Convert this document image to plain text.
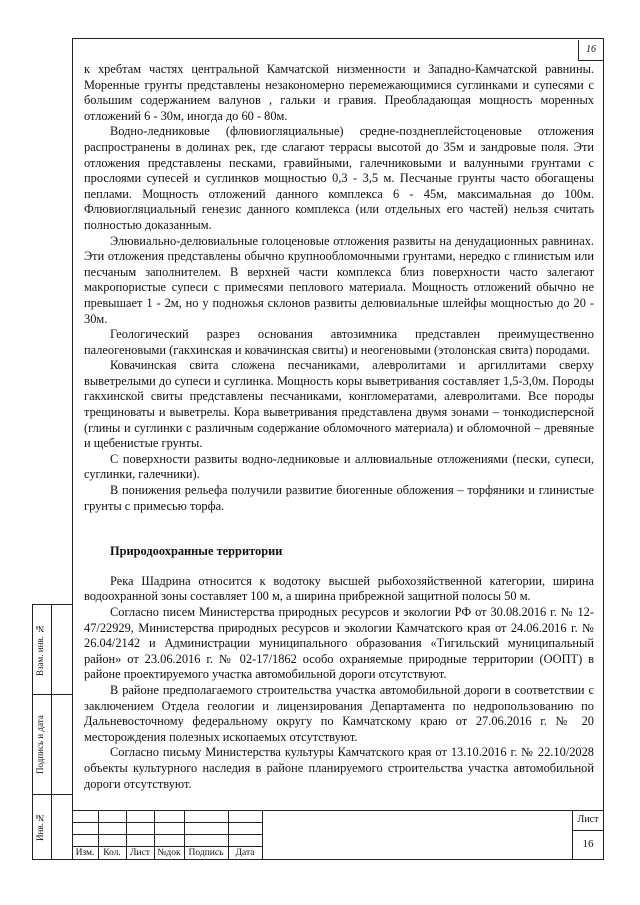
16

к хребтам частях центральной Камчатской низменности и Западно-Камчатской равнины. Моренные грунты представлены незакономерно перемежающимися суглинками и супесями с большим содержанием валунов , гальки и гравия. Преобладающая мощность моренных отложений 6 - 30м, иногда до 60 - 80м.

Водно-ледниковые (флювиогляциальные) средне-позднеплейстоценовые отложения распространены в долинах рек, где слагают террасы высотой до 35м и зандровые поля. Эти отложения представлены песками, гравийными, галечниковыми и валунными грунтами с прослоями супесей и суглинков мощностью 0,3 - 3,5 м. Песчаные грунты часто обогащены пеплами. Мощность отложений данного комплекса 6 - 45м, максимальная до 100м. Флювиогляциальный генезис данного комплекса (или отдельных его частей) нельзя считать полностью доказанным.

Элювиально-делювиальные голоценовые отложения развиты на денудационных равнинах. Эти отложения представлены обычно крупнообломочными грунтами, нередко с глинистым или песчаным заполнителем. В верхней части комплекса близ поверхности часто залегают макропористые супеси с примесями пеплового материала. Мощность отложений обычно не превышает 1 - 2м, но у подножья склонов развиты делювиальные шлейфы мощностью до 20 - 30м.

Геологический разрез основания автозимника представлен преимущественно палеогеновыми (гакхинская и ковачинская свиты) и неогеновыми (этолонская свита) породами.

Ковачинская свита сложена песчаниками, алевролитами и аргиллитами сверху выветрелыми до супеси и суглинка. Мощность коры выветривания составляет 1,5-3,0м. Породы гакхинской свиты представлены песчаниками, конгломератами, алевролитами. Все породы трещиноваты и выветрелы. Кора выветривания представлена двумя зонами – тонкодисперсной (глины и суглинки с различным содержание обломочного материала) и обломочной – древяные и щебенистые грунты.

С поверхности развиты водно-ледниковые и аллювиальные отложениями (пески, супеси, суглинки, галечники).

В понижения рельефа получили развитие биогенные обложения – торфяники и глинистые грунты с примесью торфа.

Природоохранные территории

Река Шадрина относится к водотоку высшей рыбохозяйственной категории, ширина водоохранной зоны составляет 100 м, а ширина прибрежной защитной полосы 50 м.

Согласно писем Министерства природных ресурсов и экологии РФ от 30.08.2016 г. № 12-47/22929, Министерства природных ресурсов и экологии Камчатского края от 24.06.2016 г. № 26.04/2142 и Администрации муниципального образования «Тигильский муниципальный район» от 23.06.2016 г. № 02-17/1862 особо охраняемые природные территории (ООПТ) в районе проектируемого участка автомобильной дороги отсутствуют.

В районе предполагаемого строительства участка автомобильной дороги в соответствии с заключением Отдела геологии и лицензирования Департамента по недропользованию по Дальневосточному федеральному округу по Камчатскому краю от 27.06.2016 г. № 20 месторождения полезных ископаемых отсутствуют.

Согласно письму Министерства культуры Камчатского края от 13.10.2016 г. № 22.10/2028 объекты культурного наследия в районе планируемого строительства участка автомобильной дороги отсутствуют.

Взам. инв. №
Подпись и дата
Инв.№
Изм. Кол. Лист №док Подпись	Дата
Лист
16
